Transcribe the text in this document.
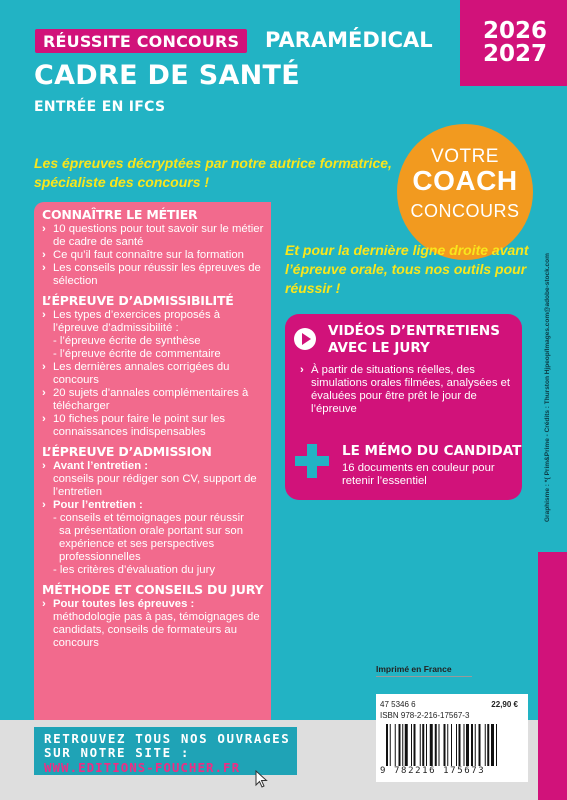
2026
2027
RÉUSSITE CONCOURS	PARAMÉDICAL
CADRE DE SANTÉ
ENTRÉE EN IFCS
VOTRE
COACH
CONCOURS
Les épreuves décryptées par notre autrice formatrice, spécialiste des concours !
CONNAÎTRE LE MÉTIER
› 10 questions pour tout savoir sur le métier de cadre de santé
› Ce qu’il faut connaître sur la formation
› Les conseils pour réussir les épreuves de sélection
L’ÉPREUVE D’ADMISSIBILITÉ
› Les types d’exercices proposés à l’épreuve d’admissibilité :
- l’épreuve écrite de synthèse
- l’épreuve écrite de commentaire
› Les dernières annales corrigées du concours
› 20 sujets d’annales complémentaires à télécharger
› 10 fiches pour faire le point sur les connaissances indispensables
L’ÉPREUVE D’ADMISSION
› Avant l’entretien :
conseils pour rédiger son CV, support de l’entretien
› Pour l’entretien :
- conseils et témoignages pour réussir
sa présentation orale portant sur son expérience et ses perspectives professionnelles
- les critères d’évaluation du jury
MÉTHODE ET CONSEILS DU JURY
› Pour toutes les épreuves : méthodologie pas à pas, témoignages de candidats, conseils de formateurs au concours
Et pour la dernière ligne droite avant l’épreuve orale, tous nos outils pour réussir !
VIDÉOS D’ENTRETIENS
AVEC LE JURY
› À partir de situations réelles, des simulations orales filmées, analysées et évaluées pour être prêt le jour de l’épreuve
LE MÉMO DU CANDIDAT
16 documents en couleur pour retenir l’essentiel	Graphisme : *{ Prim&Prime - Crédits : Thurston Hjpeop/Images.com@adobe-stock.com
RETROUVEZ TOUS NOS OUVRAGES
SUR NOTRE SITE :
WWW.EDITIONS-FOUCHER.FR
Imprimé en France
47 5346 6	22,90 €
ISBN 978-2-216-17567-3
9 782216 175673
